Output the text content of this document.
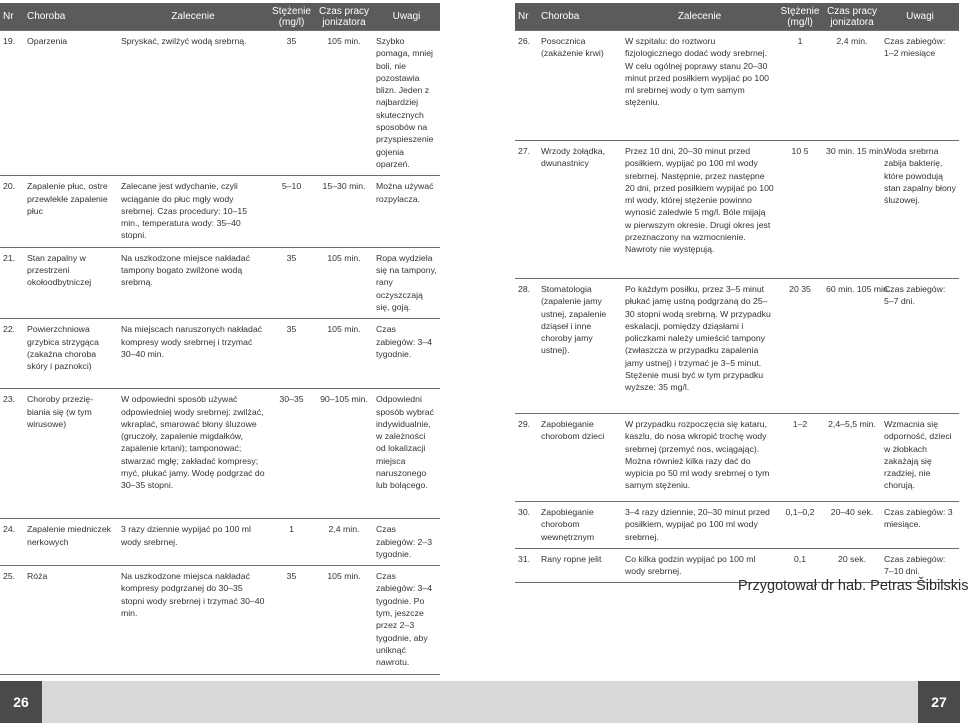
Nr	Choroba	Zalecenie	Stężenie (mg/l)	Czas pracy jonizatora	Uwagi
19.	Oparzenia	Spryskać, zwilżyć wodą srebrną.	35	105 min.	Szybko pomaga, mniej boli, nie pozostawia blizn. Jeden z najbardziej skutecznych sposobów na przyspieszenie gojenia oparzeń.
20.	Zapalenie płuc, ostre przewlekłe zapalenie płuc	Zalecane jest wdychanie, czyli wciąganie do płuc mgły wody srebrnej. Czas procedury: 10–15 min., temperatura wody: 35–40 stopni.	5–10	15–30 min.	Można używać rozpylacza.
21.	Stan zapalny w przestrzeni okołoodbytniczej	Na uszkodzone miejsce nakładać tampony bogato zwilżone wodą srebrną.	35	105 min.	Ropa wydziela się na tampony, rany oczyszczają się, goją.
22.	Powierzchniowa grzybica strzygąca (zakaźna choroba skóry i paznokci)	Na miejscach naruszonych nakładać kompresy wody srebrnej i trzymać 30–40 min.	35	105 min.	Czas zabiegów: 3–4 tygodnie.
23.	Choroby przezię-biania się (w tym wirusowe)	W odpowiedni sposób używać odpowiedniej wody srebrnej: zwilżać, wkraplać, smarować błony śluzowe (gruczoły, zapalenie migdałków, zapalenie krtani); tamponować; stwarzać mgłę; zakładać kompresy; myć, płukać jamy. Wodę podgrzać do 30–35 stopni.	30–35	90–105 min.	Odpowiedni sposób wybrać indywidualnie, w zależności od lokalizacji miejsca naruszonego lub bolącego.
24.	Zapalenie miedniczek nerkowych	3 razy dziennie wypijać po 100 ml wody srebrnej.	1	2,4 min.	Czas zabiegów: 2–3 tygodnie.
25.	Róża	Na uszkodzone miejsca nakładać kompresy podgrzanej do 30–35 stopni wody srebrnej i trzymać 30–40 min.	35	105 min.	Czas zabiegów: 3–4 tygodnie. Po tym, jeszcze przez 2–3 tygodnie, aby uniknąć nawrotu.
26
Nr	Choroba	Zalecenie	Stężenie (mg/l)	Czas pracy jonizatora	Uwagi
26.	Posocznica (zakażenie krwi)	W szpitalu: do roztworu fizjologicznego dodać wody srebrnej. W celu ogólnej poprawy stanu 20–30 minut przed posiłkiem wypijać po 100 ml srebrnej wody o tym samym stężeniu.	1	2,4 min.	Czas zabiegów: 1–2 miesiące
27.	Wrzody żołądka, dwunastnicy	Przez 10 dni, 20–30 minut przed posiłkiem, wypijać po 100 ml wody srebrnej. Następnie, przez następne 20 dni, przed posiłkiem wypijać po 100 ml wody, której stężenie powinno wynosić zaledwie 5 mg/l. Bóle mijają w pierwszym okresie. Drugi okres jest przeznaczony na wzmocnienie. Nawroty nie występują.	10 5	30 min. 15 min.	Woda srebrna zabija bakterię, które powodują stan zapalny błony śluzowej.
28.	Stomatologia (zapalenie jamy ustnej, zapalenie dziąseł i inne choroby jamy ustnej).	Po każdym posiłku, przez 3–5 minut płukać jamę ustną podgrzaną do 25–30 stopni wodą srebrną. W przypadku eskalacji, pomiędzy dziąsłami i policzkami należy umieścić tampony (zwłaszcza w przypadku zapalenia jamy ustnej) i trzymać je 3–5 minut. Stężenie musi być w tym przypadku wyższe: 35 mg/l.	20 35	60 min. 105 min.	Czas zabiegów: 5–7 dni.
29.	Zapobieganie chorobom dzieci	W przypadku rozpoczęcia się kataru, kaszlu, do nosa wkropić trochę wody srebrnej (przemyć nos, wciągając). Można również kilka razy dać do wypicia po 50 ml wody srebrnej o tym samym stężeniu.	1–2	2,4–5,5 min.	Wzmacnia się odporność, dzieci w żłobkach zakażają się rzadziej, nie chorują.
30.	Zapobieganie chorobom wewnętrznym	3–4 razy dziennie, 20–30 minut przed posiłkiem, wypijać po 100 ml wody srebrnej.	0,1–0,2	20–40 sek.	Czas zabiegów: 3 miesiące.
31.	Rany ropne jelit	Co kilka godzin wypijać po 100 ml wody srebrnej.	0,1	20 sek.	Czas zabiegów: 7–10 dni.
Przygotował dr hab. Petras Šibilskis
27
